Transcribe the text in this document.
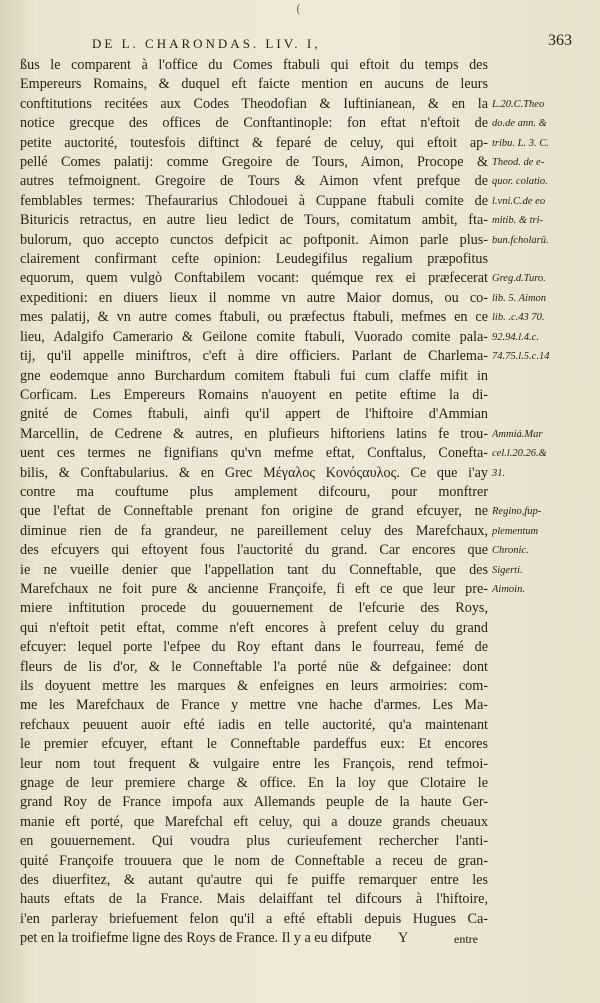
(
DE L. CHARONDAS. LIV. I,	363
ßus le comparent à l'office du Comes ftabuli qui eftoit du temps des
Empereurs Romains, & duquel eft faicte mention en aucuns de leurs
conftitutions recitées aux Codes Theodofian & Iuftinianean, & en la
notice grecque des offices de Conftantinople: fon eftat n'eftoit de
petite auctorité, toutesfois diftinct & feparé de celuy, qui eftoit ap-
pellé Comes palatij: comme Gregoire de Tours, Aimon, Procope &
autres tefmoignent. Gregoire de Tours & Aimon vfent prefque de
femblables termes: Thefaurarius Chlodouei à Cuppane ftabuli comite de
Bituricis retractus, en autre lieu ledict de Tours, comitatum ambit, fta-
bulorum, quo accepto cunctos defpicit ac poftponit. Aimon parle plus-
clairement confirmant cefte opinion: Leudegifilus regalium præpofitus
equorum, quem vulgò Conftabilem vocant: quémque rex ei præfecerat
expeditioni: en diuers lieux il nomme vn autre Maior domus, ou co-
mes palatij, & vn autre comes ftabuli, ou præfectus ftabuli, mefmes en ce
lieu, Adalgifo Camerario & Geilone comite ftabuli, Vuorado comite pala-
tij, qu'il appelle miniftros, c'eft à dire officiers. Parlant de Charlema-
gne eodemque anno Burchardum comitem ftabuli fui cum claffe mifit in
Corficam. Les Empereurs Romains n'auoyent en petite eftime la di-
gnité de Comes ftabuli, ainfi qu'il appert de l'hiftoire d'Ammian
Marcellin, de Cedrene & autres, en plufieurs hiftoriens latins fe trou-
uent ces termes ne fignifians qu'vn mefme eftat, Conftalus, Conefta-
bilis, & Conftabularius. & en Grec Μέγαλος Κονόςαυλος. Ce que i'ay
contre ma couftume plus amplement difcouru, pour monftrer
que l'eftat de Conneftable prenant fon origine de grand efcuyer, ne
diminue rien de fa grandeur, ne pareillement celuy des Marefchaux,
des efcuyers qui eftoyent fous l'auctorité du grand. Car encores que
ie ne vueille denier que l'appellation tant du Conneftable, que des
Marefchaux ne foit pure & ancienne Françoife, fi eft ce que leur pre-
miere inftitution procede du gouuernement de l'efcurie des Roys,
qui n'eftoit petit eftat, comme n'eft encores à prefent celuy du grand
efcuyer: lequel porte l'efpee du Roy eftant dans le fourreau, femé de
fleurs de lis d'or, & le Conneftable l'a porté nüe & defgainee: dont
ils doyuent mettre les marques & enfeignes en leurs armoiries: com-
me les Marefchaux de France y mettre vne hache d'armes. Les Ma-
refchaux peuuent auoir efté iadis en telle auctorité, qu'a maintenant
le premier efcuyer, eftant le Conneftable pardeffus eux: Et encores
leur nom tout frequent & vulgaire entre les François, rend tefmoi-
gnage de leur premiere charge & office. En la loy que Clotaire le
grand Roy de France impofa aux Allemands peuple de la haute Ger-
manie eft porté, que Marefchal eft celuy, qui a douze grands cheuaux
en gouuernement. Qui voudra plus curieufement rechercher l'anti-
quité Françoife trouuera que le nom de Conneftable a receu de gran-
des diuerfitez, & autant qu'autre qui fe puiffe remarquer entre les
hauts eftats de la France. Mais delaiffant tel difcours à l'hiftoire,
i'en parleray briefuement felon qu'il a efté eftabli depuis Hugues Ca-
pet en la troifiefme ligne des Roys de France. Il y a eu difpute

L.20.C.Theo
do.de ann. &
tribu. L. 3. C.
Theod. de e-
quor. colatio.
l.vni.C.de eo
mitib. & tri-
bun.fcholarü.

Greg.d.Turo.
lib. 5. Aimon
lib. .c.43 70.
92.94.l.4.c.
74.75.l.5.c.14

Ammiá.Mar
cel.l.20.26.&
31.

Regino,fup-
plementum
Chronic.
Sigerti.
Aimoin.
Y	entre
